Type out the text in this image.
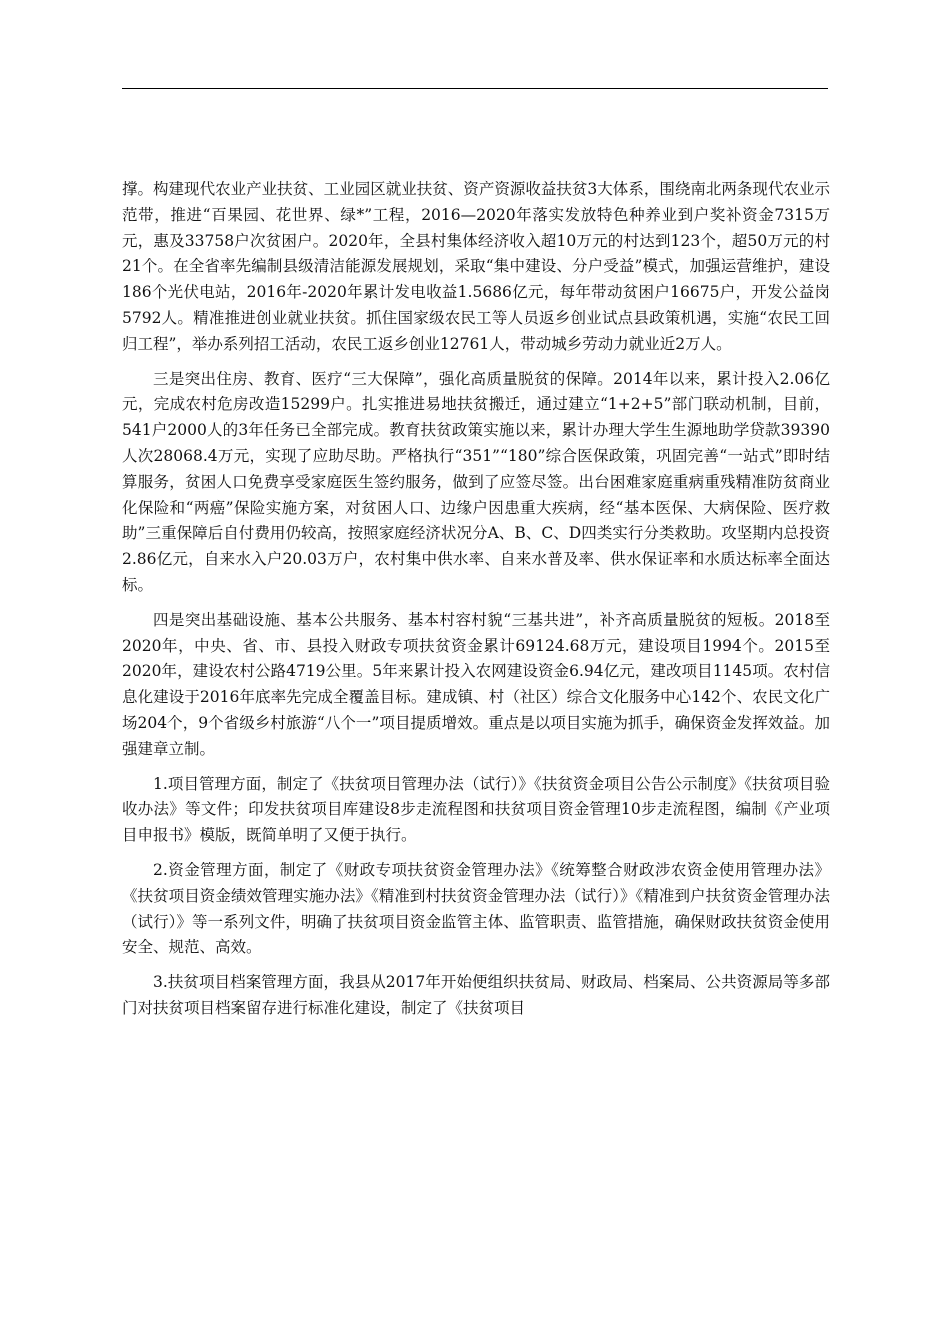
撑。构建现代农业产业扶贫、工业园区就业扶贫、资产资源收益扶贫3大体系，围绕南北两条现代农业示范带，推进“百果园、花世界、绿*”工程，2016—2020年落实发放特色种养业到户奖补资金7315万元，惠及33758户次贫困户。2020年，全县村集体经济收入超10万元的村达到123个，超50万元的村21个。在全省率先编制县级清洁能源发展规划，采取“集中建设、分户受益”模式，加强运营维护，建设186个光伏电站，2016年-2020年累计发电收益1.5686亿元，每年带动贫困户16675户，开发公益岗5792人。精准推进创业就业扶贫。抓住国家级农民工等人员返乡创业试点县政策机遇，实施“农民工回归工程”，举办系列招工活动，农民工返乡创业12761人，带动城乡劳动力就业近2万人。

三是突出住房、教育、医疗“三大保障”，强化高质量脱贫的保障。2014年以来，累计投入2.06亿元，完成农村危房改造15299户。扎实推进易地扶贫搬迁，通过建立“1+2+5”部门联动机制，目前，541户2000人的3年任务已全部完成。教育扶贫政策实施以来，累计办理大学生生源地助学贷款39390人次28068.4万元，实现了应助尽助。严格执行“351”“180”综合医保政策，巩固完善“一站式”即时结算服务，贫困人口免费享受家庭医生签约服务，做到了应签尽签。出台困难家庭重病重残精准防贫商业化保险和“两癌”保险实施方案，对贫困人口、边缘户因患重大疾病，经“基本医保、大病保险、医疗救助”三重保障后自付费用仍较高，按照家庭经济状况分A、B、C、D四类实行分类救助。攻坚期内总投资2.86亿元，自来水入户20.03万户，农村集中供水率、自来水普及率、供水保证率和水质达标率全面达标。

四是突出基础设施、基本公共服务、基本村容村貌“三基共进”，补齐高质量脱贫的短板。2018至2020年，中央、省、市、县投入财政专项扶贫资金累计69124.68万元，建设项目1994个。2015至2020年，建设农村公路4719公里。5年来累计投入农网建设资金6.94亿元，建改项目1145项。农村信息化建设于2016年底率先完成全覆盖目标。建成镇、村（社区）综合文化服务中心142个、农民文化广场204个，9个省级乡村旅游“八个一”项目提质增效。重点是以项目实施为抓手，确保资金发挥效益。加强建章立制。

1.项目管理方面，制定了《扶贫项目管理办法（试行）》《扶贫资金项目公告公示制度》《扶贫项目验收办法》等文件；印发扶贫项目库建设8步走流程图和扶贫项目资金管理10步走流程图，编制《产业项目申报书》模版，既简单明了又便于执行。

2.资金管理方面，制定了《财政专项扶贫资金管理办法》《统筹整合财政涉农资金使用管理办法》《扶贫项目资金绩效管理实施办法》《精准到村扶贫资金管理办法（试行）》《精准到户扶贫资金管理办法（试行）》等一系列文件，明确了扶贫项目资金监管主体、监管职责、监管措施，确保财政扶贫资金使用安全、规范、高效。

3.扶贫项目档案管理方面，我县从2017年开始便组织扶贫局、财政局、档案局、公共资源局等多部门对扶贫项目档案留存进行标准化建设，制定了《扶贫项目
